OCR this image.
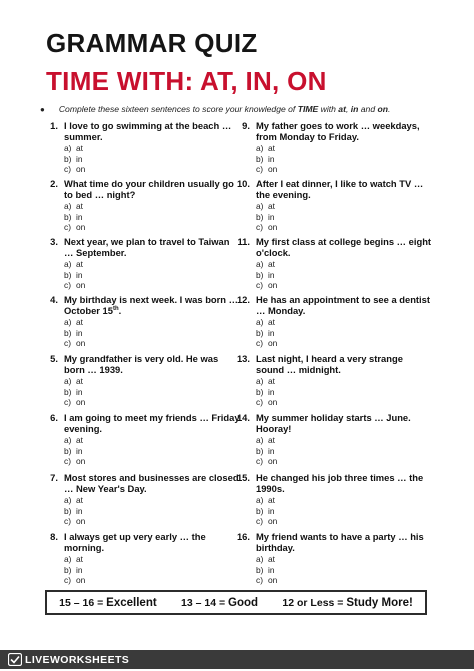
GRAMMAR QUIZ
TIME WITH: AT, IN, ON
● Complete these sixteen sentences to score your knowledge of TIME with at, in and on.
1. I love to go swimming at the beach … summer.
a) at
b) in
c) on
2. What time do your children usually go to bed … night?
a) at
b) in
c) on
3. Next year, we plan to travel to Taiwan … September.
a) at
b) in
c) on
4. My birthday is next week. I was born … October 15th.
a) at
b) in
c) on
5. My grandfather is very old. He was born … 1939.
a) at
b) in
c) on
6. I am going to meet my friends … Friday evening.
a) at
b) in
c) on
7. Most stores and businesses are closed … New Year's Day.
a) at
b) in
c) on
8. I always get up very early … the morning.
a) at
b) in
c) on
9. My father goes to work … weekdays, from Monday to Friday.
a) at
b) in
c) on
10. After I eat dinner, I like to watch TV … the evening.
a) at
b) in
c) on
11. My first class at college begins … eight o'clock.
a) at
b) in
c) on
12. He has an appointment to see a dentist … Monday.
a) at
b) in
c) on
13. Last night, I heard a very strange sound … midnight.
a) at
b) in
c) on
14. My summer holiday starts … June. Hooray!
a) at
b) in
c) on
15. He changed his job three times … the 1990s.
a) at
b) in
c) on
16. My friend wants to have a party … his birthday.
a) at
b) in
c) on
15 – 16 = Excellent 13 – 14 = Good 12 or Less = Study More!
LIVEWORKSHEETS
